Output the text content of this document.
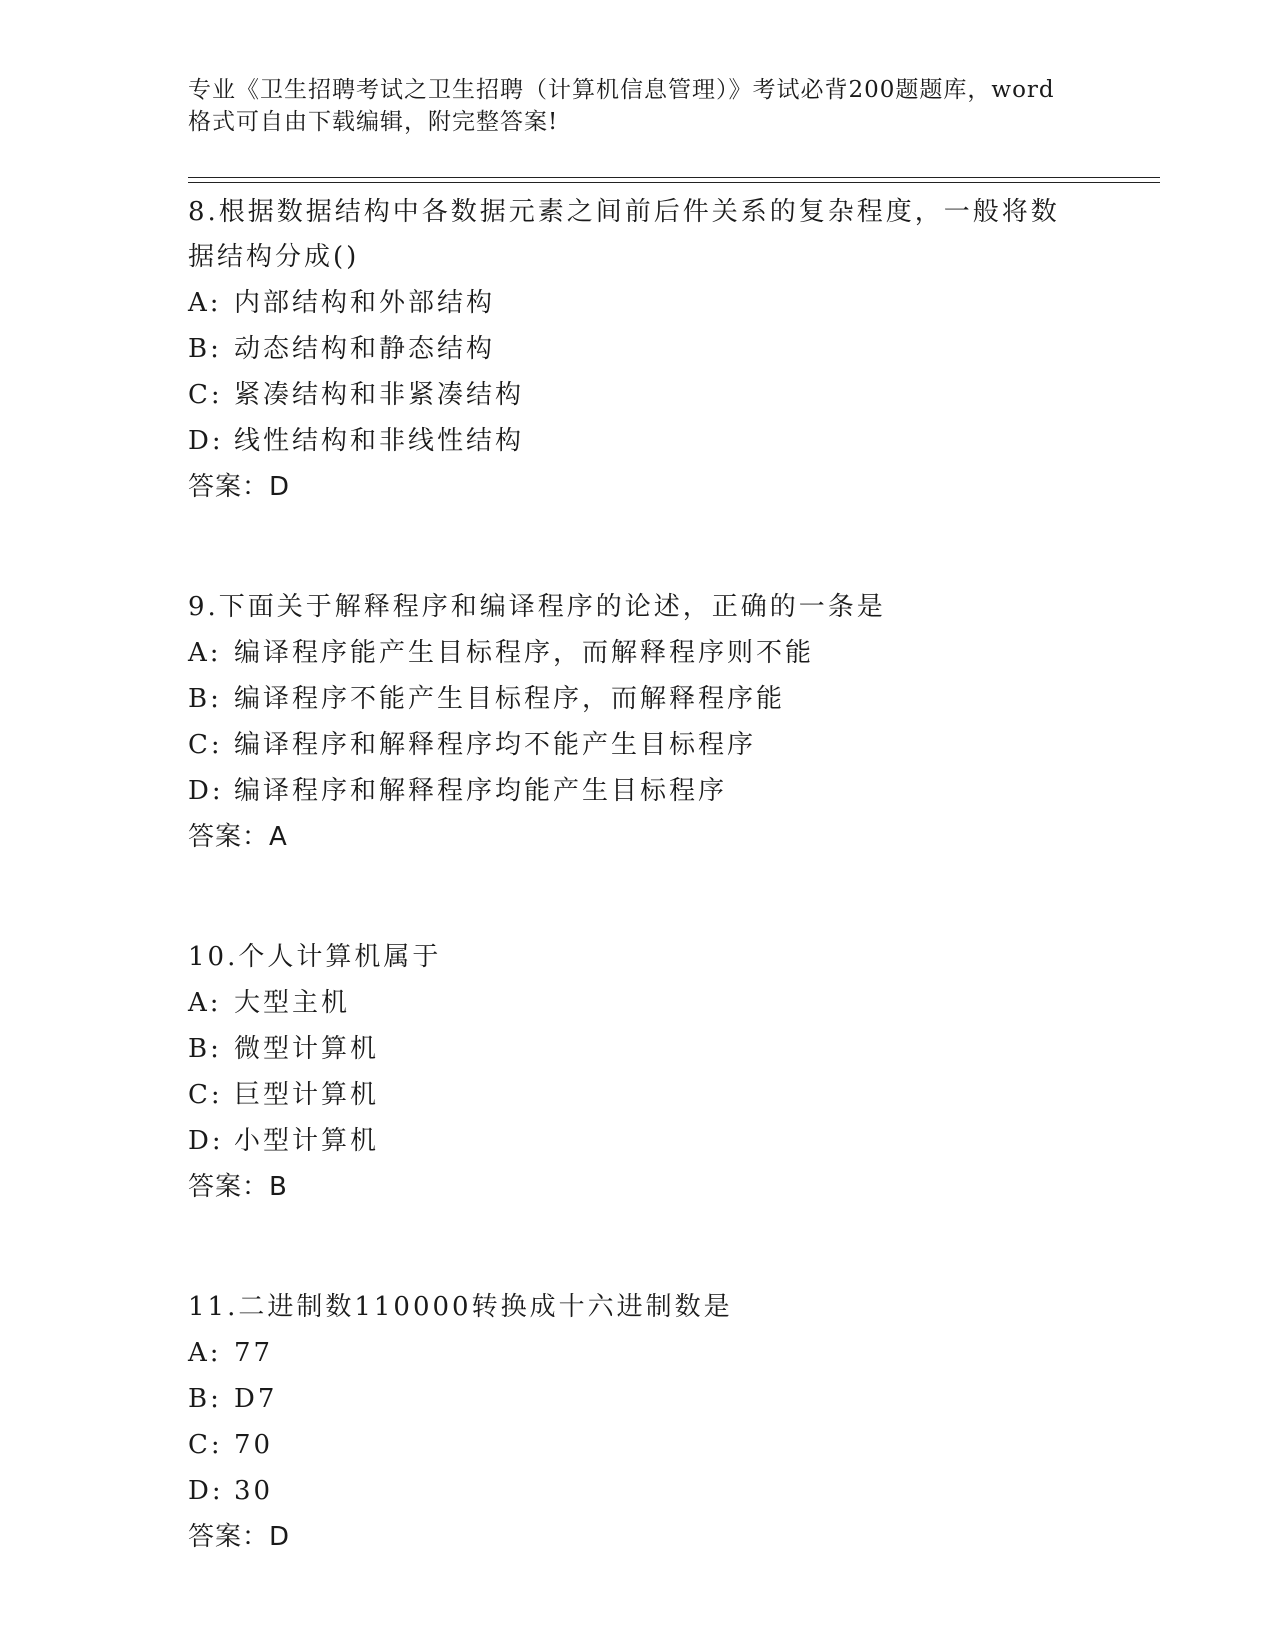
专业《卫生招聘考试之卫生招聘（计算机信息管理）》考试必背200题题库，word
格式可自由下载编辑，附完整答案!
8.根据数据结构中各数据元素之间前后件关系的复杂程度，一般将数
据结构分成()
A: 内部结构和外部结构
B: 动态结构和静态结构
C: 紧凑结构和非紧凑结构
D: 线性结构和非线性结构
答案：D
9.下面关于解释程序和编译程序的论述，正确的一条是
A: 编译程序能产生目标程序，而解释程序则不能
B: 编译程序不能产生目标程序，而解释程序能
C: 编译程序和解释程序均不能产生目标程序
D: 编译程序和解释程序均能产生目标程序
答案：A
10.个人计算机属于
A: 大型主机
B: 微型计算机
C: 巨型计算机
D: 小型计算机
答案：B
11.二进制数110000转换成十六进制数是
A: 77
B: D7
C: 70
D: 30
答案：D
